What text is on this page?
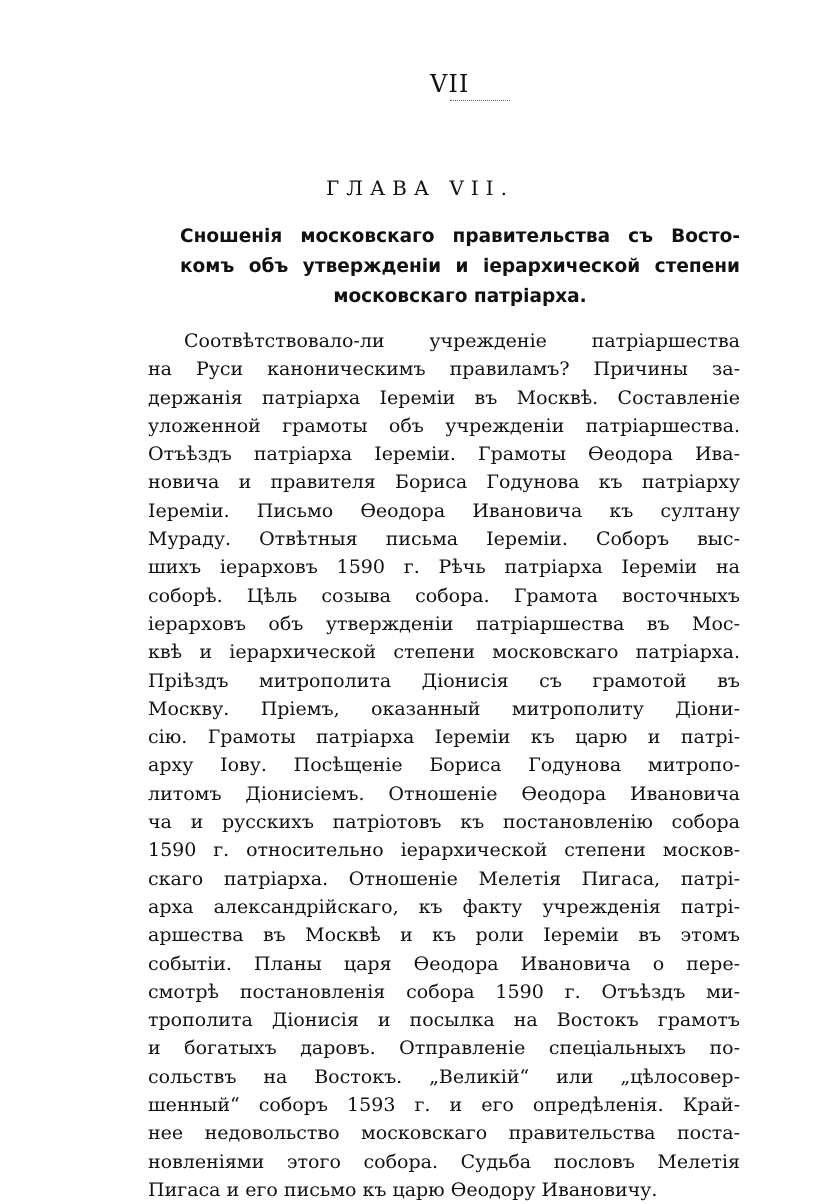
VII
ГЛАВА VII.
Сношенія московскаго правительства съ Восто-
комъ объ утвержденіи и іерархической степени
московскаго патріарха.
Соотвѣтствовало-ли учрежденіе патріаршества
на Руси каноническимъ правиламъ? Причины за-
держанія патріарха Іереміи въ Москвѣ. Составленіе
уложенной грамоты объ учрежденіи патріаршества.
Отъѣздъ патріарха Іереміи. Грамоты Ѳеодора Ива-
новича и правителя Бориса Годунова къ патріарху
Іереміи. Письмо Ѳеодора Ивановича къ султану
Мураду. Отвѣтныя письма Іереміи. Соборъ выс-
шихъ іерарховъ 1590 г. Рѣчь патріарха Іереміи на
соборѣ. Цѣль созыва собора. Грамота восточныхъ
іерарховъ объ утвержденіи патріаршества въ Мос-
квѣ и іерархической степени московскаго патріарха.
Пріѣздъ митрополита Діонисія съ грамотой въ
Москву. Пріемъ, оказанный митрополиту Діони-
сію. Грамоты патріарха Іереміи къ царю и патрі-
арху Іову. Посѣщеніе Бориса Годунова митропо-
литомъ Діонисіемъ. Отношеніе Ѳеодора Ивановича
ча и русскихъ патріотовъ къ постановленію собора
1590 г. относительно іерархической степени москов-
скаго патріарха. Отношеніе Мелетія Пигаса, патрі-
арха александрійскаго, къ факту учрежденія патрі-
аршества въ Москвѣ и къ роли Іереміи въ этомъ
событіи. Планы царя Ѳеодора Ивановича о пере-
смотрѣ постановленія собора 1590 г. Отъѣздъ ми-
трополита Діонисія и посылка на Востокъ грамотъ
и богатыхъ даровъ. Отправленіе спеціальныхъ по-
сольствъ на Востокъ. „Великій“ или „цѣлосовер-
шенный“ соборъ 1593 г. и его опредѣленія. Край-
нее недовольство московскаго правительства поста-
новленіями этого собора. Судьба пословъ Мелетія
Пигаса и его письмо къ царю Ѳеодору Ивановичу.
